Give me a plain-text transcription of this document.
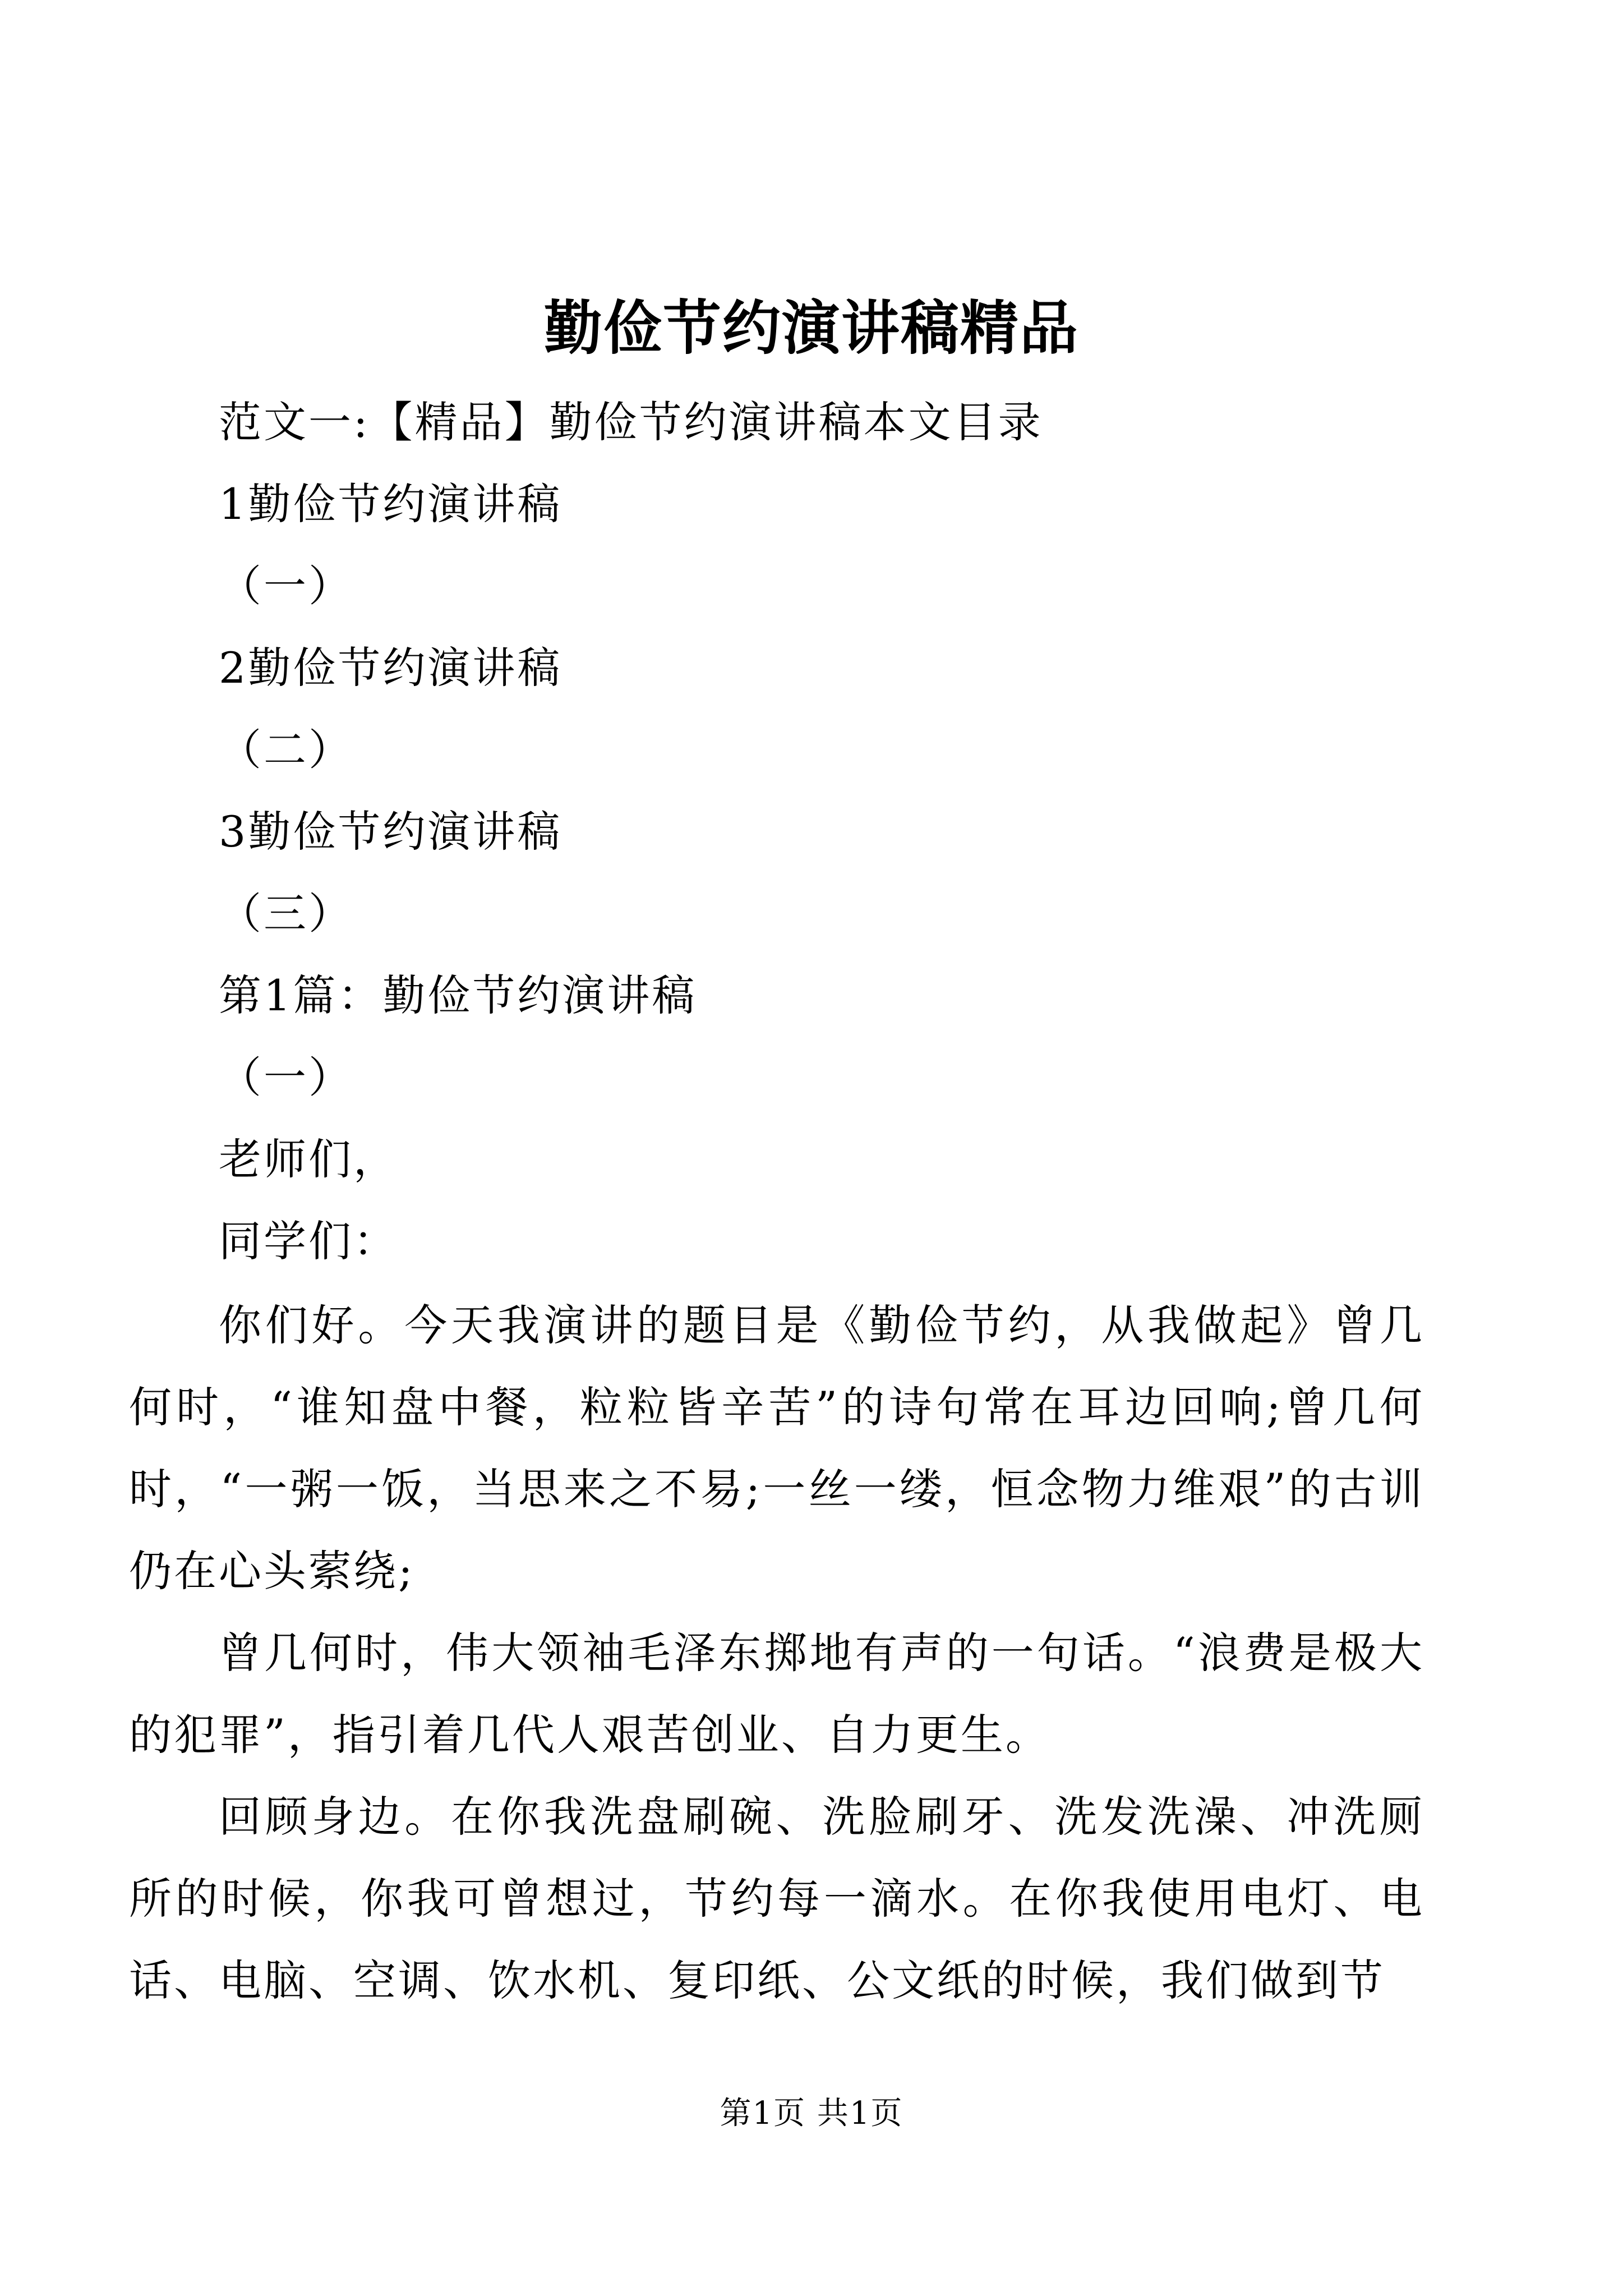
勤俭节约演讲稿精品
范文一:【精品】勤俭节约演讲稿本文目录
1勤俭节约演讲稿
（一）
2勤俭节约演讲稿
（二）
3勤俭节约演讲稿
（三）
第1篇：勤俭节约演讲稿
（一）
老师们，
同学们：

你们好。今天我演讲的题目是《勤俭节约，从我做起》曾几何时，“谁知盘中餐，粒粒皆辛苦”的诗句常在耳边回响;曾几何时，“一粥一饭，当思来之不易;一丝一缕，恒念物力维艰”的古训仍在心头萦绕;

曾几何时，伟大领袖毛泽东掷地有声的一句话。“浪费是极大的犯罪”，指引着几代人艰苦创业、自力更生。

回顾身边。在你我洗盘刷碗、洗脸刷牙、洗发洗澡、冲洗厕所的时候，你我可曾想过，节约每一滴水。在你我使用电灯、电话、电脑、空调、饮水机、复印纸、公文纸的时候，我们做到节

第1页 共1页
